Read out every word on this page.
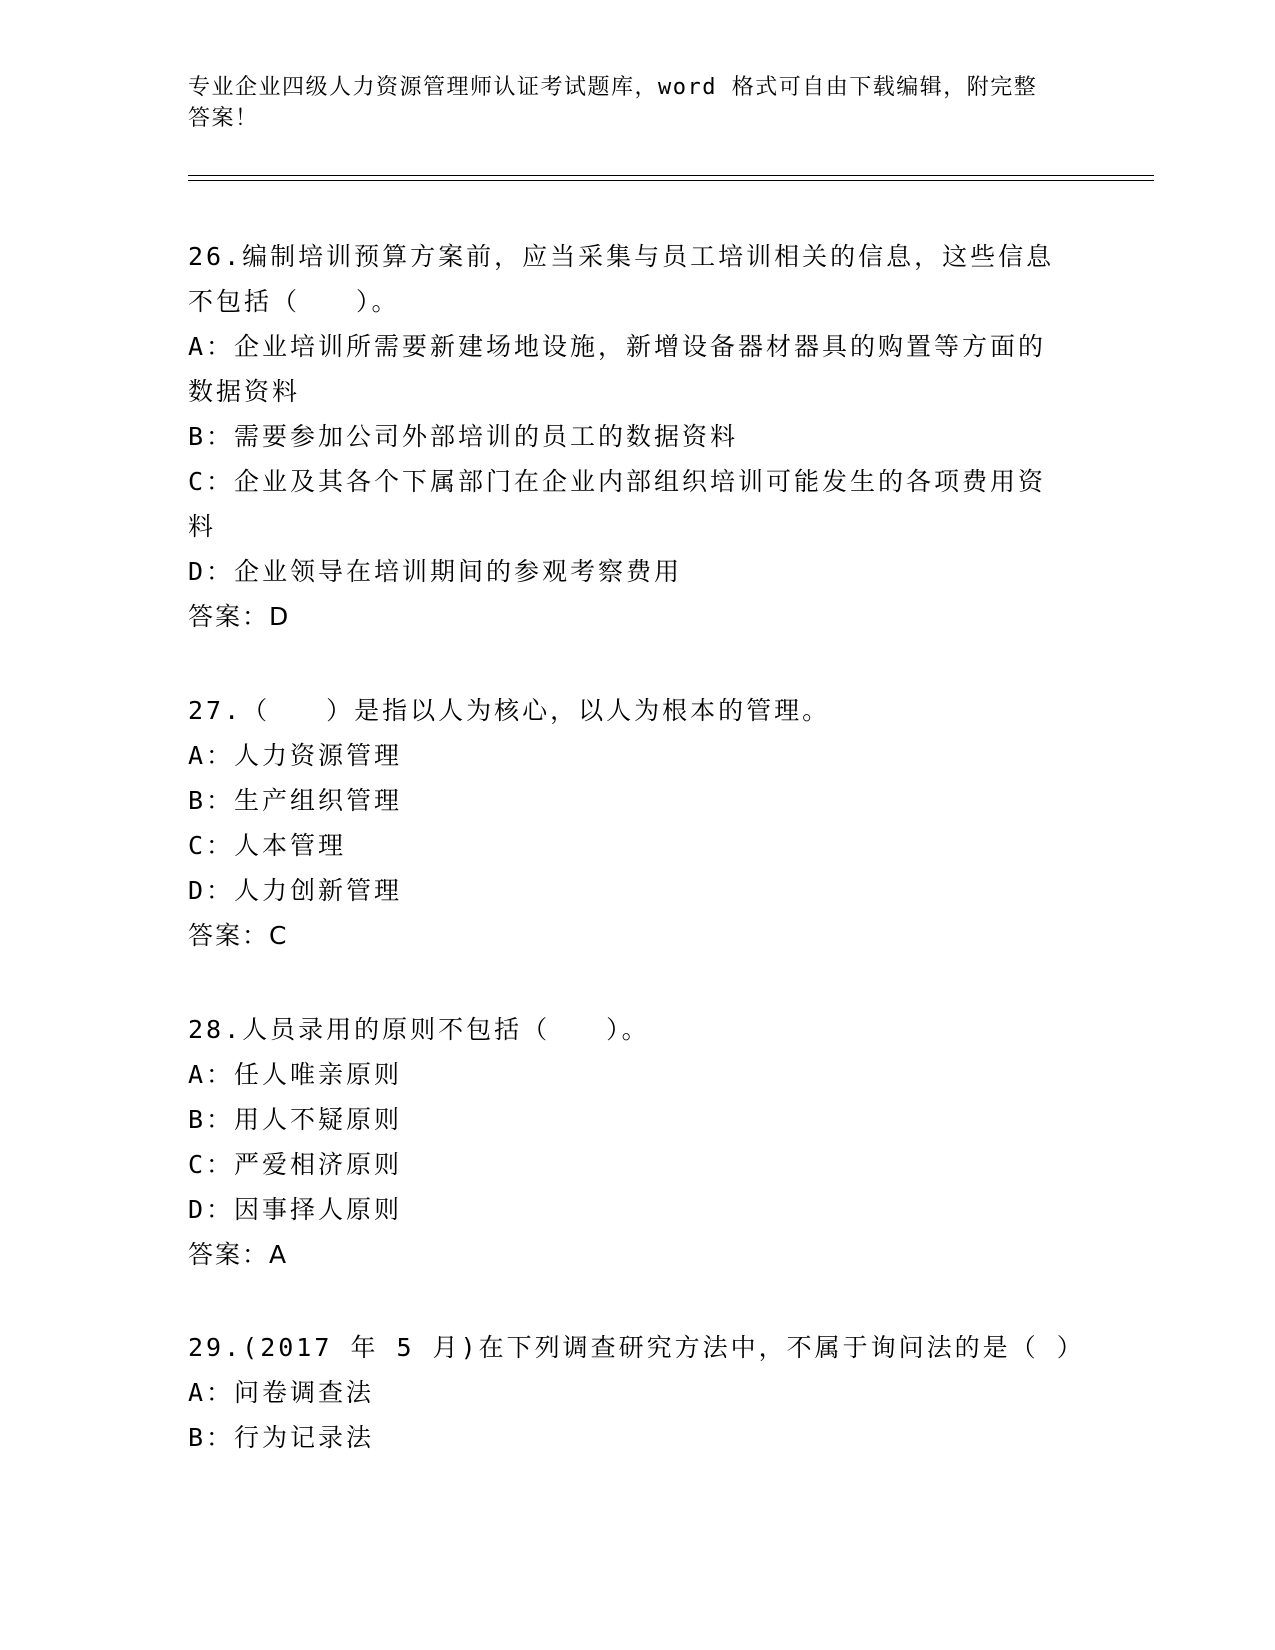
专业企业四级人力资源管理师认证考试题库，word 格式可自由下载编辑，附完整
答案！
26.编制培训预算方案前，应当采集与员工培训相关的信息，这些信息
不包括（　　）。
A：企业培训所需要新建场地设施，新增设备器材器具的购置等方面的
数据资料
B：需要参加公司外部培训的员工的数据资料
C：企业及其各个下属部门在企业内部组织培训可能发生的各项费用资
料
D：企业领导在培训期间的参观考察费用
答案：D
27.（　　）是指以人为核心，以人为根本的管理。
A：人力资源管理
B：生产组织管理
C：人本管理
D：人力创新管理
答案：C
28.人员录用的原则不包括（　　）。
A：任人唯亲原则
B：用人不疑原则
C：严爱相济原则
D：因事择人原则
答案：A
29.(2017 年 5 月)在下列调查研究方法中，不属于询问法的是（ ）
A：问卷调查法
B：行为记录法
